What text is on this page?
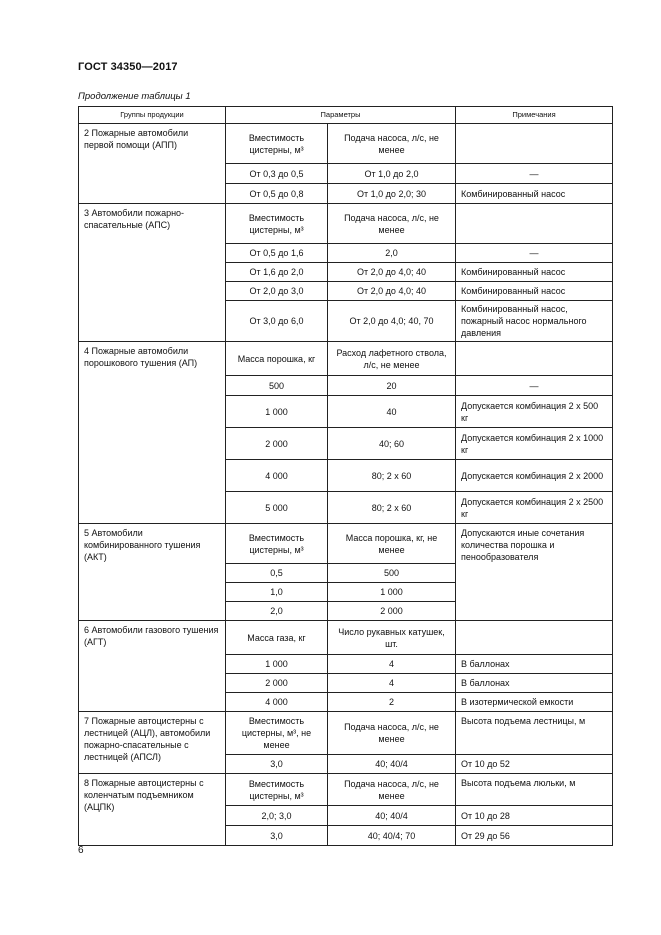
ГОСТ 34350—2017
Продолжение таблицы 1
Группы продукции	Параметры		Примечания
2 Пожарные автомобили первой помощи (АПП)	Вместимость цистерны, м³	Подача насоса, л/с, не менее	
	От 0,3 до 0,5	От 1,0 до 2,0	—
	От 0,5 до 0,8	От 1,0 до 2,0; 30	Комбинированный насос
3 Автомобили пожарно-спасательные (АПС)	Вместимость цистерны, м³	Подача насоса, л/с, не менее	
	От 0,5 до 1,6	2,0	—
	От 1,6 до 2,0	От 2,0 до 4,0; 40	Комбинированный насос
	От 2,0 до 3,0	От 2,0 до 4,0; 40	Комбинированный насос
	От 3,0 до 6,0	От 2,0 до 4,0; 40, 70	Комбинированный насос, пожарный насос нормального давления
4 Пожарные автомобили порошкового тушения (АП)	Масса порошка, кг	Расход лафетного ствола, л/с, не менее	
	500	20	—
	1 000	40	Допускается комбинация 2 х 500 кг
	2 000	40; 60	Допускается комбинация 2 х 1000 кг
	4 000	80; 2 х 60	Допускается комбинация 2 х 2000
	5 000	80; 2 х 60	Допускается комбинация 2 х 2500 кг
5 Автомобили комбинированного тушения (АКТ)	Вместимость цистерны, м³	Масса порошка, кг, не менее	Допускаются иные сочетания количества порошка и пенообразователя
	0,5	500	
	1,0	1 000	
	2,0	2 000	
6 Автомобили газового тушения (АГТ)	Масса газа, кг	Число рукавных катушек, шт.	
	1 000	4	В баллонах
	2 000	4	В баллонах
	4 000	2	В изотермической емкости
7 Пожарные автоцистерны с лестницей (АЦЛ), автомобили пожарно-спасательные с лестницей (АПСЛ)	Вместимость цистерны, м³, не менее	Подача насоса, л/с, не менее	Высота подъема лестницы, м
	3,0	40; 40/4	От 10 до 52
8 Пожарные автоцистерны с коленчатым подъемником (АЦПК)	Вместимость цистерны, м³	Подача насоса, л/с, не менее	Высота подъема люльки, м
	2,0; 3,0	40; 40/4	От 10 до 28
	3,0	40; 40/4; 70	От 29 до 56
6
